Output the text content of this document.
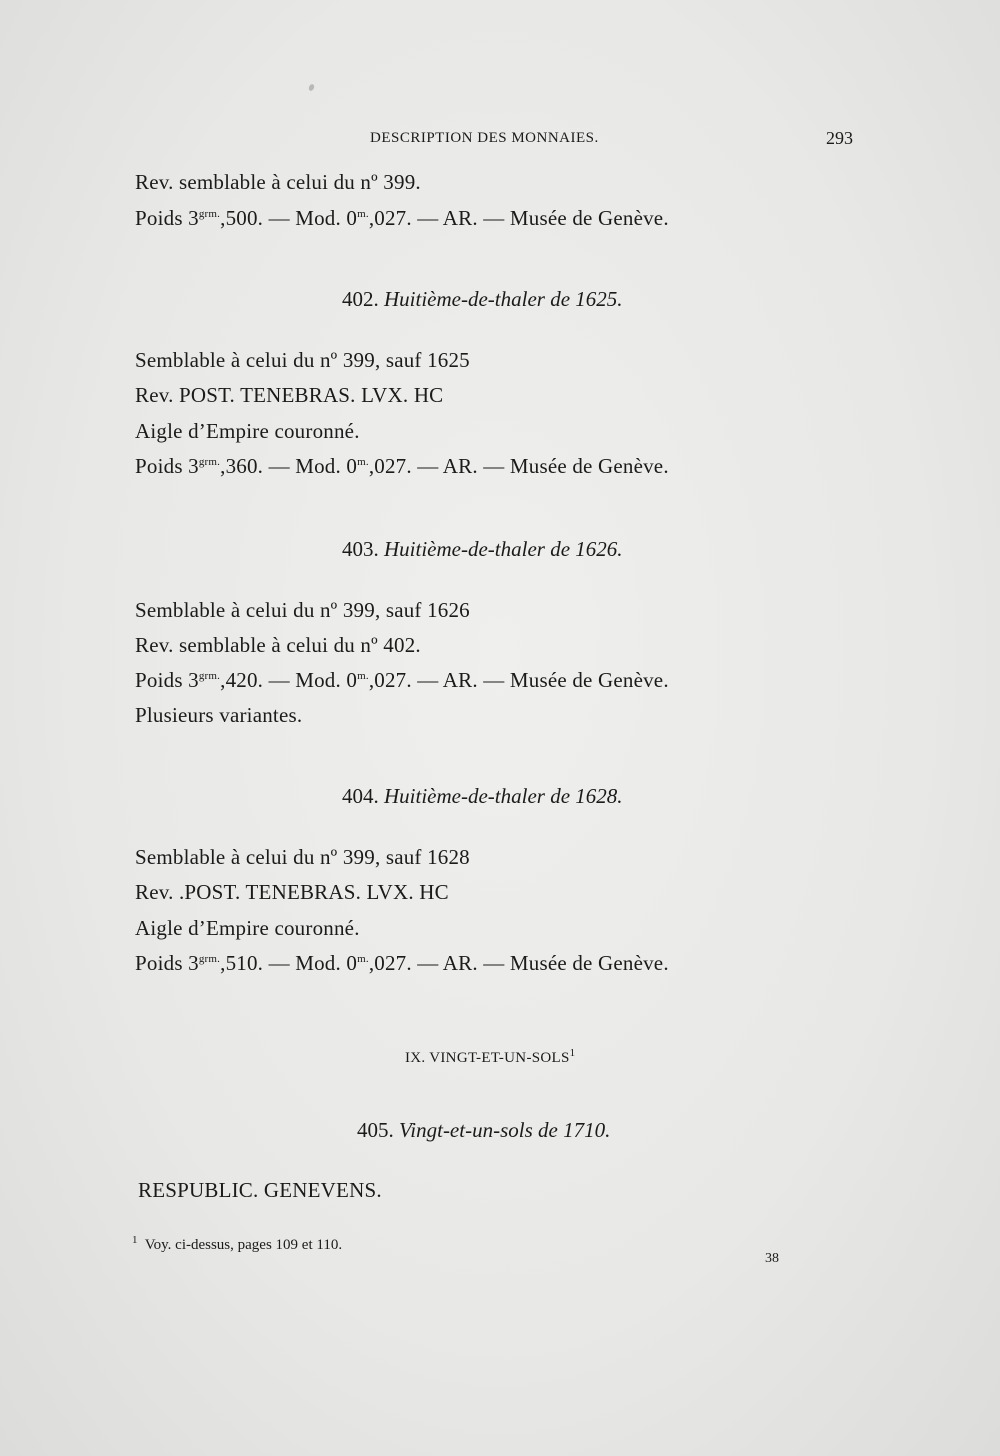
DESCRIPTION DES MONNAIES.	293
Rev. semblable à celui du nº 399.
Poids $3^{grm.},500$. — Mod. $0^{m.},027$. — AR. — Musée de Genève.
402. Huitième-de-thaler de 1625.
Semblable à celui du nº 399, sauf 1625
Rev. POST. TENEBRAS. LVX. HC
Aigle d’Empire couronné.
Poids $3^{grm.},360$. — Mod. $0^{m.},027$. — AR. — Musée de Genève.
403. Huitième-de-thaler de 1626.
Semblable à celui du nº 399, sauf 1626
Rev. semblable à celui du nº 402.
Poids $3^{grm.},420$. — Mod. $0^{m.},027$. — AR. — Musée de Genève.
Plusieurs variantes.
404. Huitième-de-thaler de 1628.
Semblable à celui du nº 399, sauf 1628
Rev. .POST. TENEBRAS. LVX. HC
Aigle d’Empire couronné.
Poids $3^{grm.},510$. — Mod. $0^{m.},027$. — AR. — Musée de Genève.
IX. VINGT-ET-UN-SOLS$^1$
405. Vingt-et-un-sols de 1710.
RESPUBLIC. GENEVENS.
$^1$ Voy. ci-dessus, pages 109 et 110.
38
